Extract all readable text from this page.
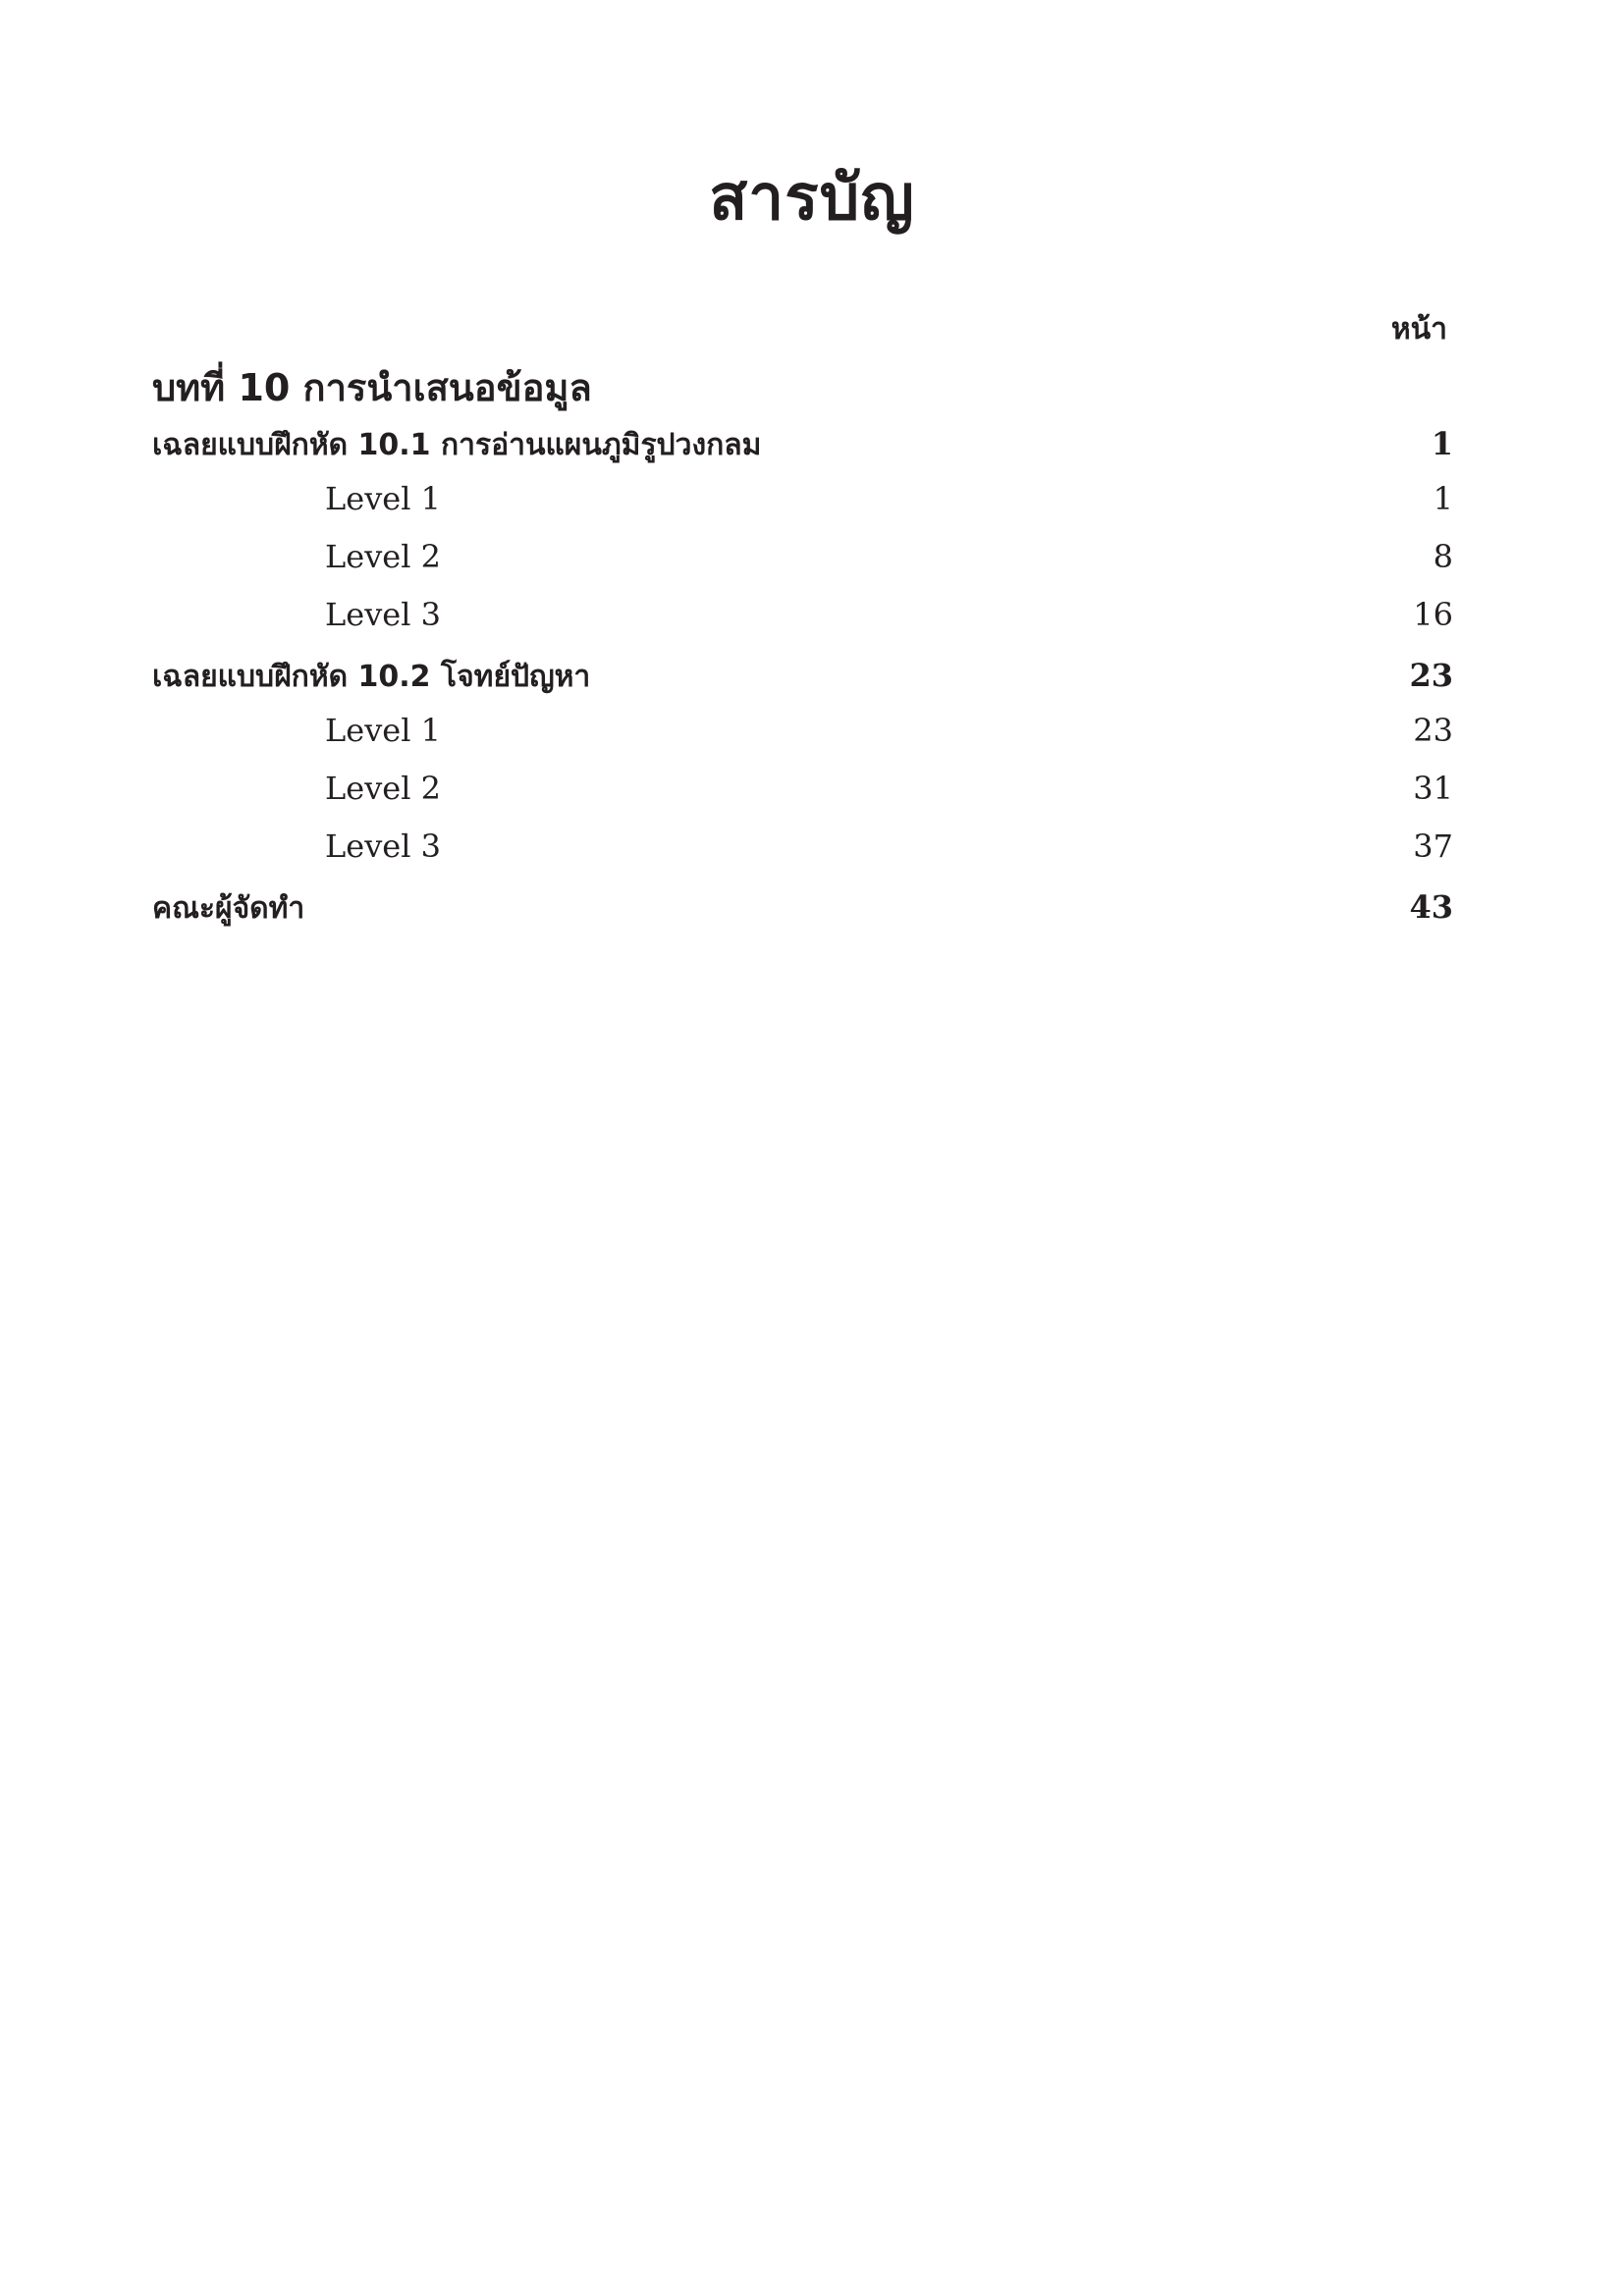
สารบัญ
หน้า
บทที่ 10 การนำเสนอข้อมูล
เฉลยแบบฝึกหัด 10.1 การอ่านแผนภูมิรูปวงกลม	1
Level 1	1
Level 2	8
Level 3	16
เฉลยแบบฝึกหัด 10.2 โจทย์ปัญหา	23
Level 1	23
Level 2	31
Level 3	37
คณะผู้จัดทำ	43
